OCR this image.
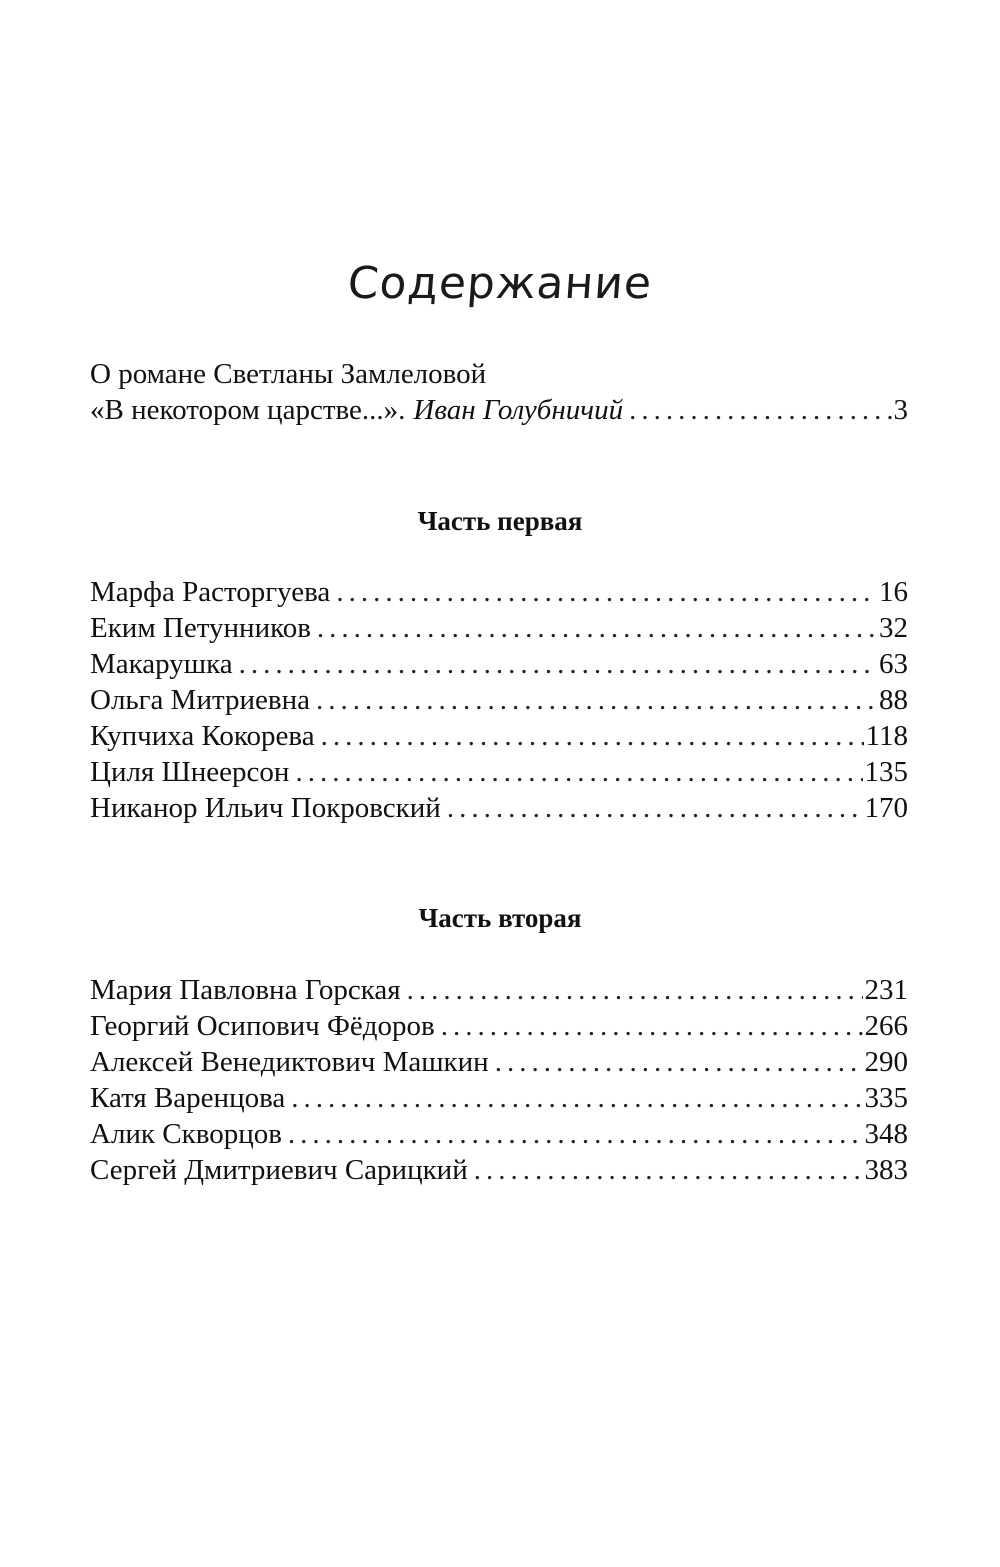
Содержание
О романе Светланы Замлеловой
«В некотором царстве...». Иван Голубничий .....	3
Часть первая
Марфа Расторгуева .....	16
Еким Петунников .....	32
Макарушка .....	63
Ольга Митриевна .....	88
Купчиха Кокорева .....	118
Циля Шнеерсон .....	135
Никанор Ильич Покровский .....	170
Часть вторая
Мария Павловна Горская .....	231
Георгий Осипович Фёдоров .....	266
Алексей Венедиктович Машкин .....	290
Катя Варенцова .....	335
Алик Скворцов .....	348
Сергей Дмитриевич Сарицкий .....	383
